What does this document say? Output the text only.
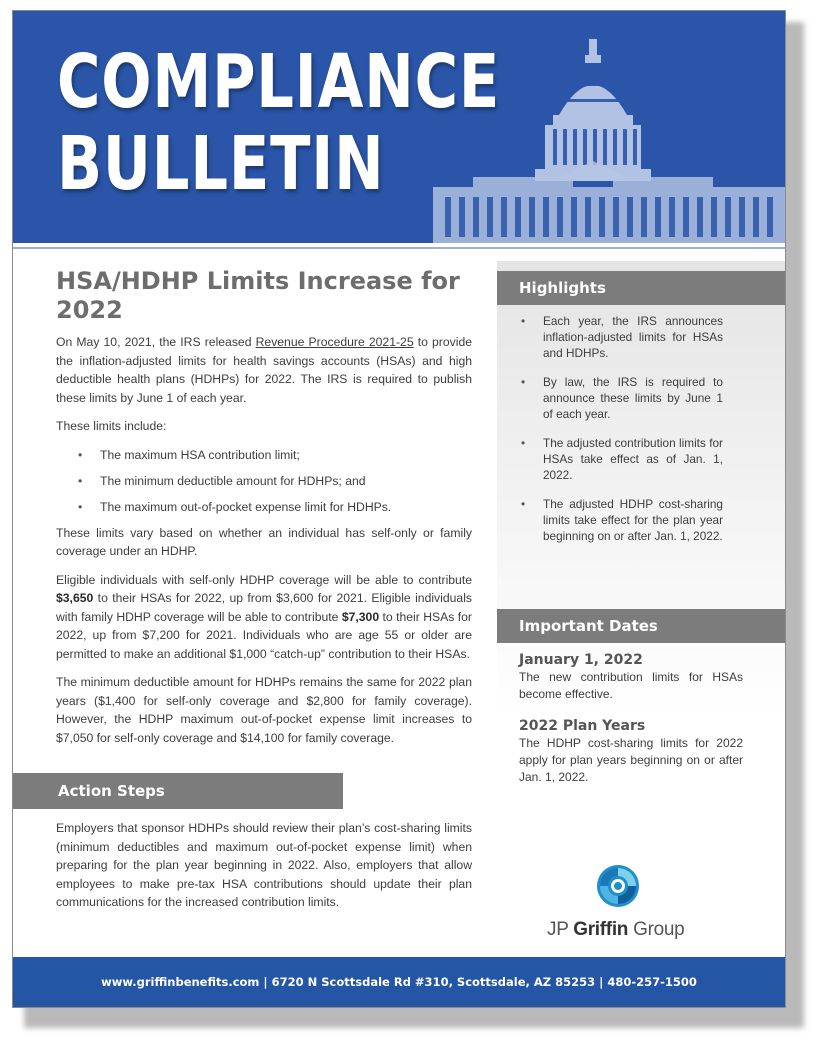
COMPLIANCE
BULLETIN
HSA/HDHP Limits Increase for 2022

On May 10, 2021, the IRS released Revenue Procedure 2021-25 to provide the inflation-adjusted limits for health savings accounts (HSAs) and high deductible health plans (HDHPs) for 2022. The IRS is required to publish these limits by June 1 of each year.

These limits include:

• The maximum HSA contribution limit;
• The minimum deductible amount for HDHPs; and
• The maximum out-of-pocket expense limit for HDHPs.

These limits vary based on whether an individual has self-only or family coverage under an HDHP.

Eligible individuals with self-only HDHP coverage will be able to contribute $3,650 to their HSAs for 2022, up from $3,600 for 2021. Eligible individuals with family HDHP coverage will be able to contribute $7,300 to their HSAs for 2022, up from $7,200 for 2021. Individuals who are age 55 or older are permitted to make an additional $1,000 “catch-up” contribution to their HSAs.

The minimum deductible amount for HDHPs remains the same for 2022 plan years ($1,400 for self-only coverage and $2,800 for family coverage). However, the HDHP maximum out-of-pocket expense limit increases to $7,050 for self-only coverage and $14,100 for family coverage.

Action Steps

Employers that sponsor HDHPs should review their plan’s cost-sharing limits (minimum deductibles and maximum out-of-pocket expense limit) when preparing for the plan year beginning in 2022. Also, employers that allow employees to make pre-tax HSA contributions should update their plan communications for the increased contribution limits.

Highlights
• Each year, the IRS announces inflation-adjusted limits for HSAs and HDHPs.
• By law, the IRS is required to announce these limits by June 1 of each year.
• The adjusted contribution limits for HSAs take effect as of Jan. 1, 2022.
• The adjusted HDHP cost-sharing limits take effect for the plan year beginning on or after Jan. 1, 2022.
Important Dates
January 1, 2022
The new contribution limits for HSAs become effective.
2022 Plan Years
The HDHP cost-sharing limits for 2022 apply for plan years beginning on or after Jan. 1, 2022.
JP Griffin Group
www.griffinbenefits.com | 6720 N Scottsdale Rd #310, Scottsdale, AZ 85253 | 480-257-1500
